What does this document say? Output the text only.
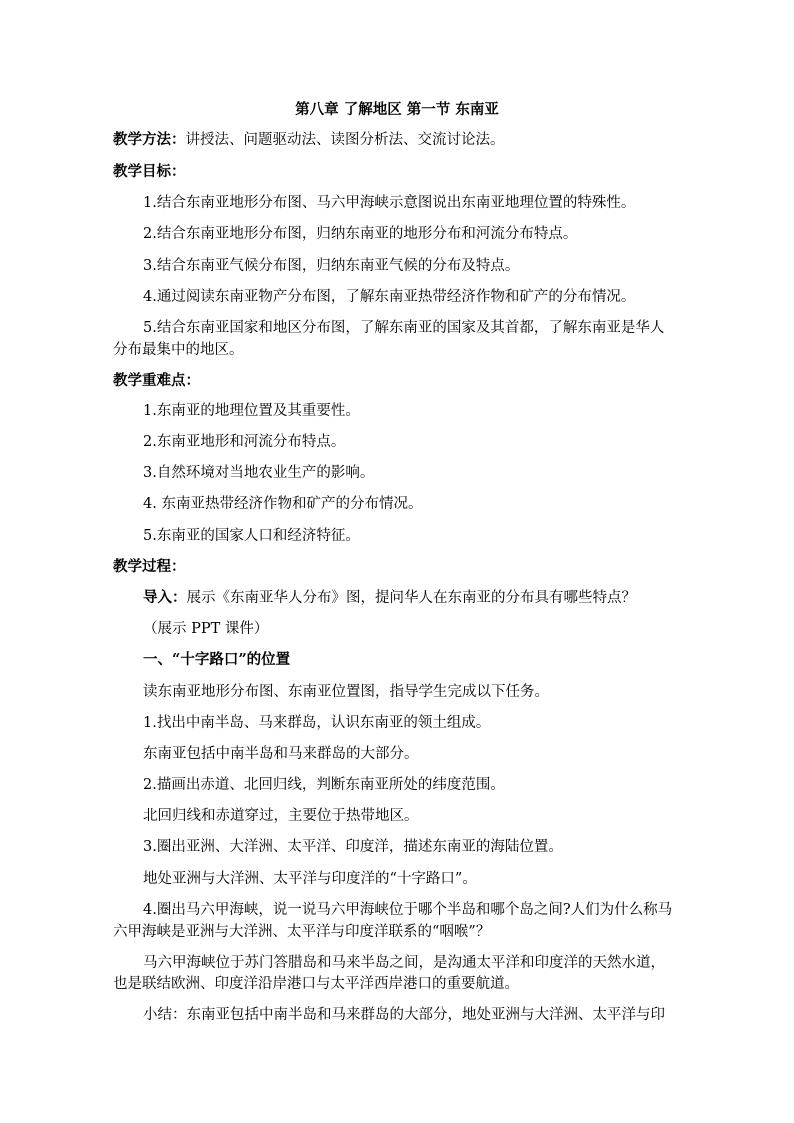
第八章 了解地区 第一节 东南亚
教学方法：讲授法、问题驱动法、读图分析法、交流讨论法。
教学目标：
1.结合东南亚地形分布图、马六甲海峡示意图说出东南亚地理位置的特殊性。
2.结合东南亚地形分布图，归纳东南亚的地形分布和河流分布特点。
3.结合东南亚气候分布图，归纳东南亚气候的分布及特点。
4.通过阅读东南亚物产分布图，了解东南亚热带经济作物和矿产的分布情况。
5.结合东南亚国家和地区分布图，了解东南亚的国家及其首都，了解东南亚是华人
分布最集中的地区。
教学重难点：
1.东南亚的地理位置及其重要性。
2.东南亚地形和河流分布特点。
3.自然环境对当地农业生产的影响。
4. 东南亚热带经济作物和矿产的分布情况。
5.东南亚的国家人口和经济特征。
教学过程：
导入：展示《东南亚华人分布》图，提问华人在东南亚的分布具有哪些特点？
（展示 PPT 课件）
一、“十字路口”的位置
读东南亚地形分布图、东南亚位置图，指导学生完成以下任务。
1.找出中南半岛、马来群岛，认识东南亚的领土组成。
东南亚包括中南半岛和马来群岛的大部分。
2.描画出赤道、北回归线，判断东南亚所处的纬度范围。
北回归线和赤道穿过，主要位于热带地区。
3.圈出亚洲、大洋洲、太平洋、印度洋，描述东南亚的海陆位置。
地处亚洲与大洋洲、太平洋与印度洋的“十字路口”。
4.圈出马六甲海峡，说一说马六甲海峡位于哪个半岛和哪个岛之间?人们为什么称马
六甲海峡是亚洲与大洋洲、太平洋与印度洋联系的“咽喉”？
马六甲海峡位于苏门答腊岛和马来半岛之间，是沟通太平洋和印度洋的天然水道，
也是联结欧洲、印度洋沿岸港口与太平洋西岸港口的重要航道。
小结：东南亚包括中南半岛和马来群岛的大部分，地处亚洲与大洋洲、太平洋与印
